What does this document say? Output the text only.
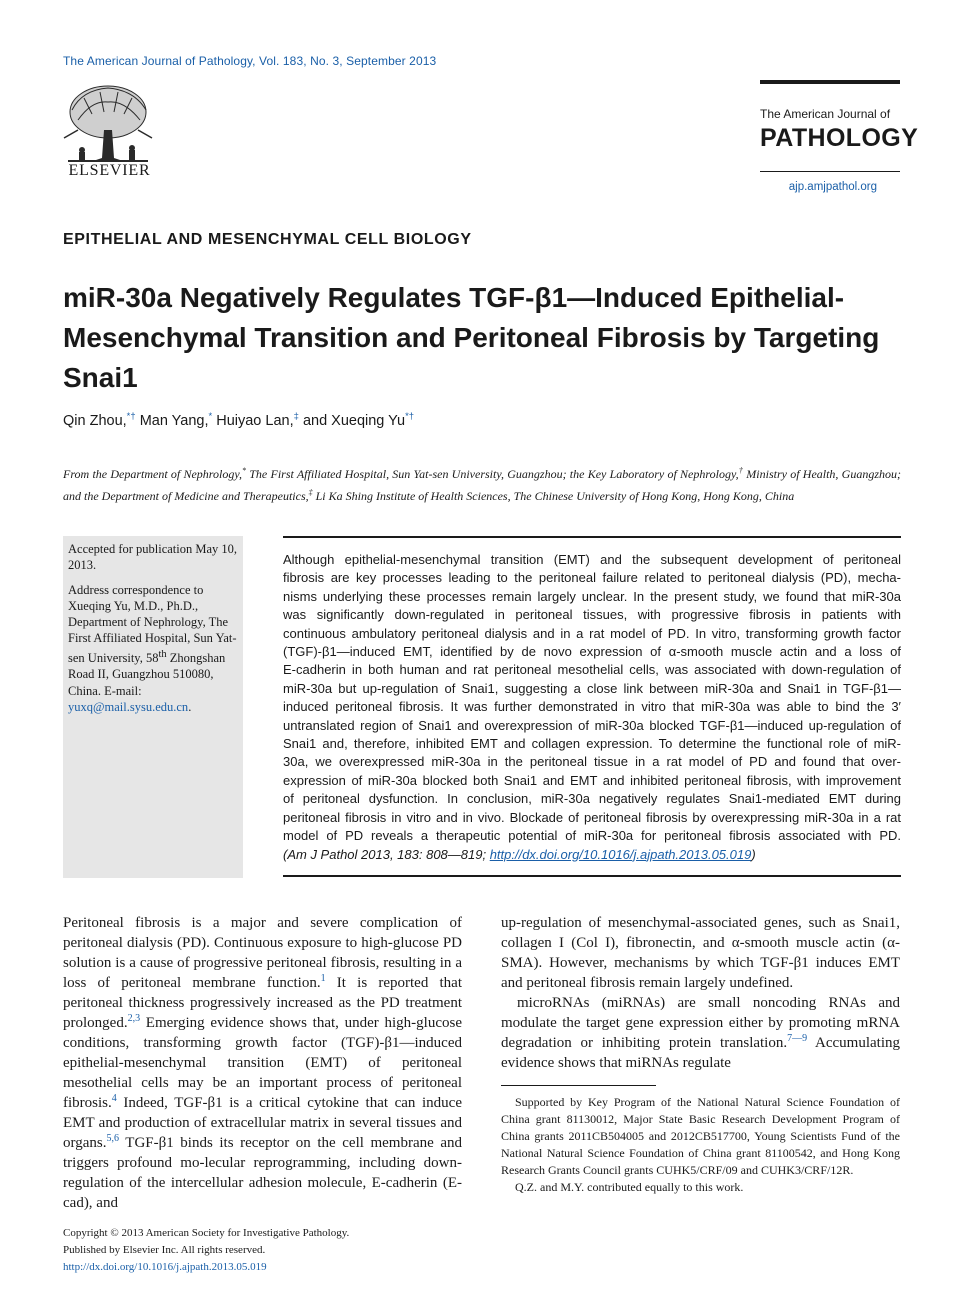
The American Journal of Pathology, Vol. 183, No. 3, September 2013
ELSEVIER
The American Journal of
PATHOLOGY
ajp.amjpathol.org
EPITHELIAL AND MESENCHYMAL CELL BIOLOGY
miR-30a Negatively Regulates TGF-β1—Induced Epithelial-Mesenchymal Transition and Peritoneal Fibrosis by Targeting Snai1
Qin Zhou,*† Man Yang,* Huiyao Lan,‡ and Xueqing Yu*†
From the Department of Nephrology,* The First Affiliated Hospital, Sun Yat-sen University, Guangzhou; the Key Laboratory of Nephrology,† Ministry of Health, Guangzhou; and the Department of Medicine and Therapeutics,‡ Li Ka Shing Institute of Health Sciences, The Chinese University of Hong Kong, Hong Kong, China

Accepted for publication May 10, 2013.

Address correspondence to Xueqing Yu, M.D., Ph.D., Department of Nephrology, The First Affiliated Hospital, Sun Yat-sen University, 58th Zhongshan Road II, Guangzhou 510080, China. E-mail: yuxq@mail.sysu.edu.cn.

Although epithelial-mesenchymal transition (EMT) and the subsequent development of peritoneal
fibrosis are key processes leading to the peritoneal failure related to peritoneal dialysis (PD), mecha-
nisms underlying these processes remain largely unclear. In the present study, we found that miR-30a
was significantly down-regulated in peritoneal tissues, with progressive fibrosis in patients with
continuous ambulatory peritoneal dialysis and in a rat model of PD. In vitro, transforming growth factor
(TGF)-β1—induced EMT, identified by de novo expression of α-smooth muscle actin and a loss of
E-cadherin in both human and rat peritoneal mesothelial cells, was associated with down-regulation of
miR-30a but up-regulation of Snai1, suggesting a close link between miR-30a and Snai1 in TGF-β1—
induced peritoneal fibrosis. It was further demonstrated in vitro that miR-30a was able to bind the 3′
untranslated region of Snai1 and overexpression of miR-30a blocked TGF-β1—induced up-regulation of
Snai1 and, therefore, inhibited EMT and collagen expression. To determine the functional role of miR-
30a, we overexpressed miR-30a in the peritoneal tissue in a rat model of PD and found that over-
expression of miR-30a blocked both Snai1 and EMT and inhibited peritoneal fibrosis, with improvement
of peritoneal dysfunction. In conclusion, miR-30a negatively regulates Snai1-mediated EMT during
peritoneal fibrosis in vitro and in vivo. Blockade of peritoneal fibrosis by overexpressing miR-30a in a rat
model of PD reveals a therapeutic potential of miR-30a for peritoneal fibrosis associated with PD.
(Am J Pathol 2013, 183: 808—819; http://dx.doi.org/10.1016/j.ajpath.2013.05.019)
Peritoneal fibrosis is a major and severe complication of peritoneal dialysis (PD). Continuous exposure to high-glucose PD solution is a cause of progressive peritoneal fibrosis, resulting in a loss of peritoneal membrane function.$^1$ It is reported that peritoneal thickness progressively increased as the PD treatment prolonged.$^{2,3}$ Emerging evidence shows that, under high-glucose conditions, transforming growth factor (TGF)-β1—induced epithelial-mesenchymal transition (EMT) of peritoneal mesothelial cells may be an important process of peritoneal fibrosis.$^4$ Indeed, TGF-β1 is a critical cytokine that can induce EMT and production of extracellular matrix in several tissues and organs.$^{5,6}$ TGF-β1 binds its receptor on the cell membrane and triggers profound mo-lecular reprogramming, including down-regulation of the intercellular adhesion molecule, E-cadherin (E-cad), and
up-regulation of mesenchymal-associated genes, such as Snai1, collagen I (Col I), fibronectin, and α-smooth muscle actin (α-SMA). However, mechanisms by which TGF-β1 induces EMT and peritoneal fibrosis remain largely undefined.
microRNAs (miRNAs) are small noncoding RNAs and modulate the target gene expression either by promoting mRNA degradation or inhibiting protein translation.$^{7—9}$ Accumulating evidence shows that miRNAs regulate

Supported by Key Program of the National Natural Science Foundation of China grant 81130012, Major State Basic Research Development Program of China grants 2011CB504005 and 2012CB517700, Young Scientists Fund of the National Natural Science Foundation of China grant 81100542, and Hong Kong Research Grants Council grants CUHK5/CRF/09 and CUHK3/CRF/12R.

Q.Z. and M.Y. contributed equally to this work.

Copyright © 2013 American Society for Investigative Pathology.
Published by Elsevier Inc. All rights reserved.
http://dx.doi.org/10.1016/j.ajpath.2013.05.019
